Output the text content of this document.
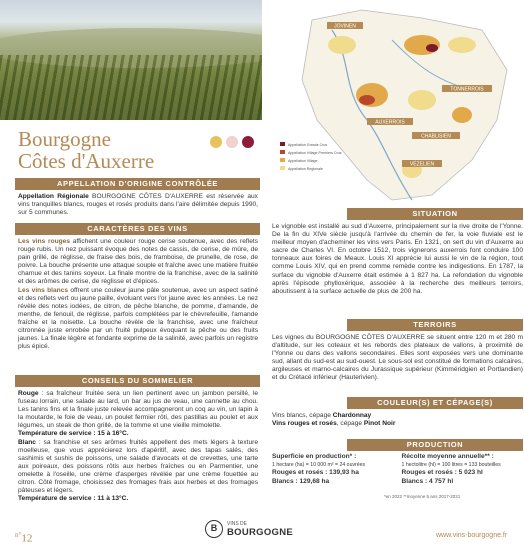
JOVINEN
TONNERROIS
AUXERROIS
CHABLISIEN
VÉZELIEN
Appellation Grands Crus
Appellation Village Premiers Crus
Appellation Village
Appellation Régionale
Bourgogne
Côtes d'Auxerre
APPELLATION D'ORIGINE CONTRÔLÉE
Appellation Régionale BOURGOGNE CÔTES D'AUXERRE est réservée aux vins tranquilles blancs, rouges et rosés produits dans l'aire délimitée depuis 1990, sur 5 communes.
CARACTÈRES DES VINS
Les vins rouges affichent une couleur rouge cerise soutenue, avec des reflets rouge rubis. Un nez puissant évoque des notes de cassis, de cerise, de mûre, de pain grillé, de réglisse, de fraise des bois, de framboise, de prunelle, de rose, de poivre. La bouche présente une attaque souple et fraîche avec une matière fruitée charnue et des tanins soyeux. La finale montre de la franchise, avec de la salinité et des arômes de cerise, de réglisse et d'épices.
Les vins blancs offrent une couleur jaune pâle soutenue, avec un aspect satiné et des reflets vert ou jaune paille, évoluant vers l'or jaune avec les années. Le nez révèle des notes iodées, de citron, de pêche blanche, de pomme, d'amande, de menthe, de fenouil, de réglisse, parfois complétées par le chèvrefeuille, l'amande fraîche et la noisette. La bouche révèle de la franchise, avec une fraîcheur citronnée juste enrobée par un fruité pulpeux évoquant la pêche ou des fruits jaunes. La finale légère et fondante exprime de la salinité, avec parfois un registre plus épicé.
CONSEILS DU SOMMELIER
Rouge : sa fraîcheur fruitée sera un lien pertinent avec un jambon persillé, le fuseau lorrain, une salade au lard, un bar au jus de veau, une cannette au chou. Les tanins fins et la finale juste relevée accompagneront un coq au vin, un lapin à la moutarde, le foie de veau, un poulet fermier rôti, des pastillas au poulet et aux légumes, un steak de thon grillé, de la tomme et une vieille mimolette.
Température de service : 15 à 16°C.
Blanc : sa franchise et ses arômes fruités appellent des mets légers à texture moelleuse, que vous apprécierez lors d'apéritif, avec des tapas salés, des sashimis et sushis de poissons, une salade d'avocats et de crevettes, une tarte aux poireaux, des poissons rôtis aux herbes fraîches ou en Parmentier, une omelette à l'oseille, une crème d'asperges révélée par une crème fouettée au citron. Côté fromage, choisissez des fromages frais aux herbes et des fromages pâteuses et légers.
Température de service : 11 à 13°C.
SITUATION
Le vignoble est installé au sud d'Auxerre, principalement sur la rive droite de l'Yonne. De la fin du XIVe siècle jusqu'à l'arrivée du chemin de fer, la voie fluviale est le meilleur moyen d'acheminer les vins vers Paris. En 1321, on sert du vin d'Auxerre au sacre de Charles VI. En octobre 1512, trois vignerons auxerrois font conduire 100 tonneaux aux foires de Meaux. Louis XI apprécie lui aussi le vin de la région, tout comme Louis XIV, qui en prend comme remède contre les indigestions. En 1787, la surface du vignoble d'Auxerre était estimée à 1 827 ha. La refondation du vignoble après l'épisode phylloxérique, associée à la recherche des meilleurs terroirs, aboutissent à la surface actuelle de plus de 200 ha.
TERROIRS
Les vignes du BOURGOGNE CÔTES D'AUXERRE se situent entre 120 m et 280 m d'altitude, sur les coteaux et les rebords des plateaux de vallons, à proximité de l'Yonne ou dans des vallons secondaires. Elles sont exposées vers une dominante sud, allant du sud-est au sud-ouest. Le sous-sol est constitué de formations calcaires, argileuses et marno-calcaires du Jurassique supérieur (Kimméridgien et Portlandien) et du Crétacé inférieur (Hauterivien).
COULEUR(S) ET CÉPAGE(S)
Vins blancs, cépage Chardonnay
Vins rouges et rosés, cépage Pinot Noir
PRODUCTION
Superficie en production* :
1 hectare (ha) = 10 000 m² = 24 ouvrées
Rouges et rosés : 139,93 ha
Blancs : 129,68 ha
Récolte moyenne annuelle** :
1 hectolitre (hl) = 100 litres = 133 bouteilles
Rouges et rosés : 5 023 hl
Blancs : 4 757 hl
*en 2022 **moyenne 5 ans 2017-2021
$^{n^\circ}$12
B	VINS DE
BOURGOGNE	www.vins-bourgogne.fr
